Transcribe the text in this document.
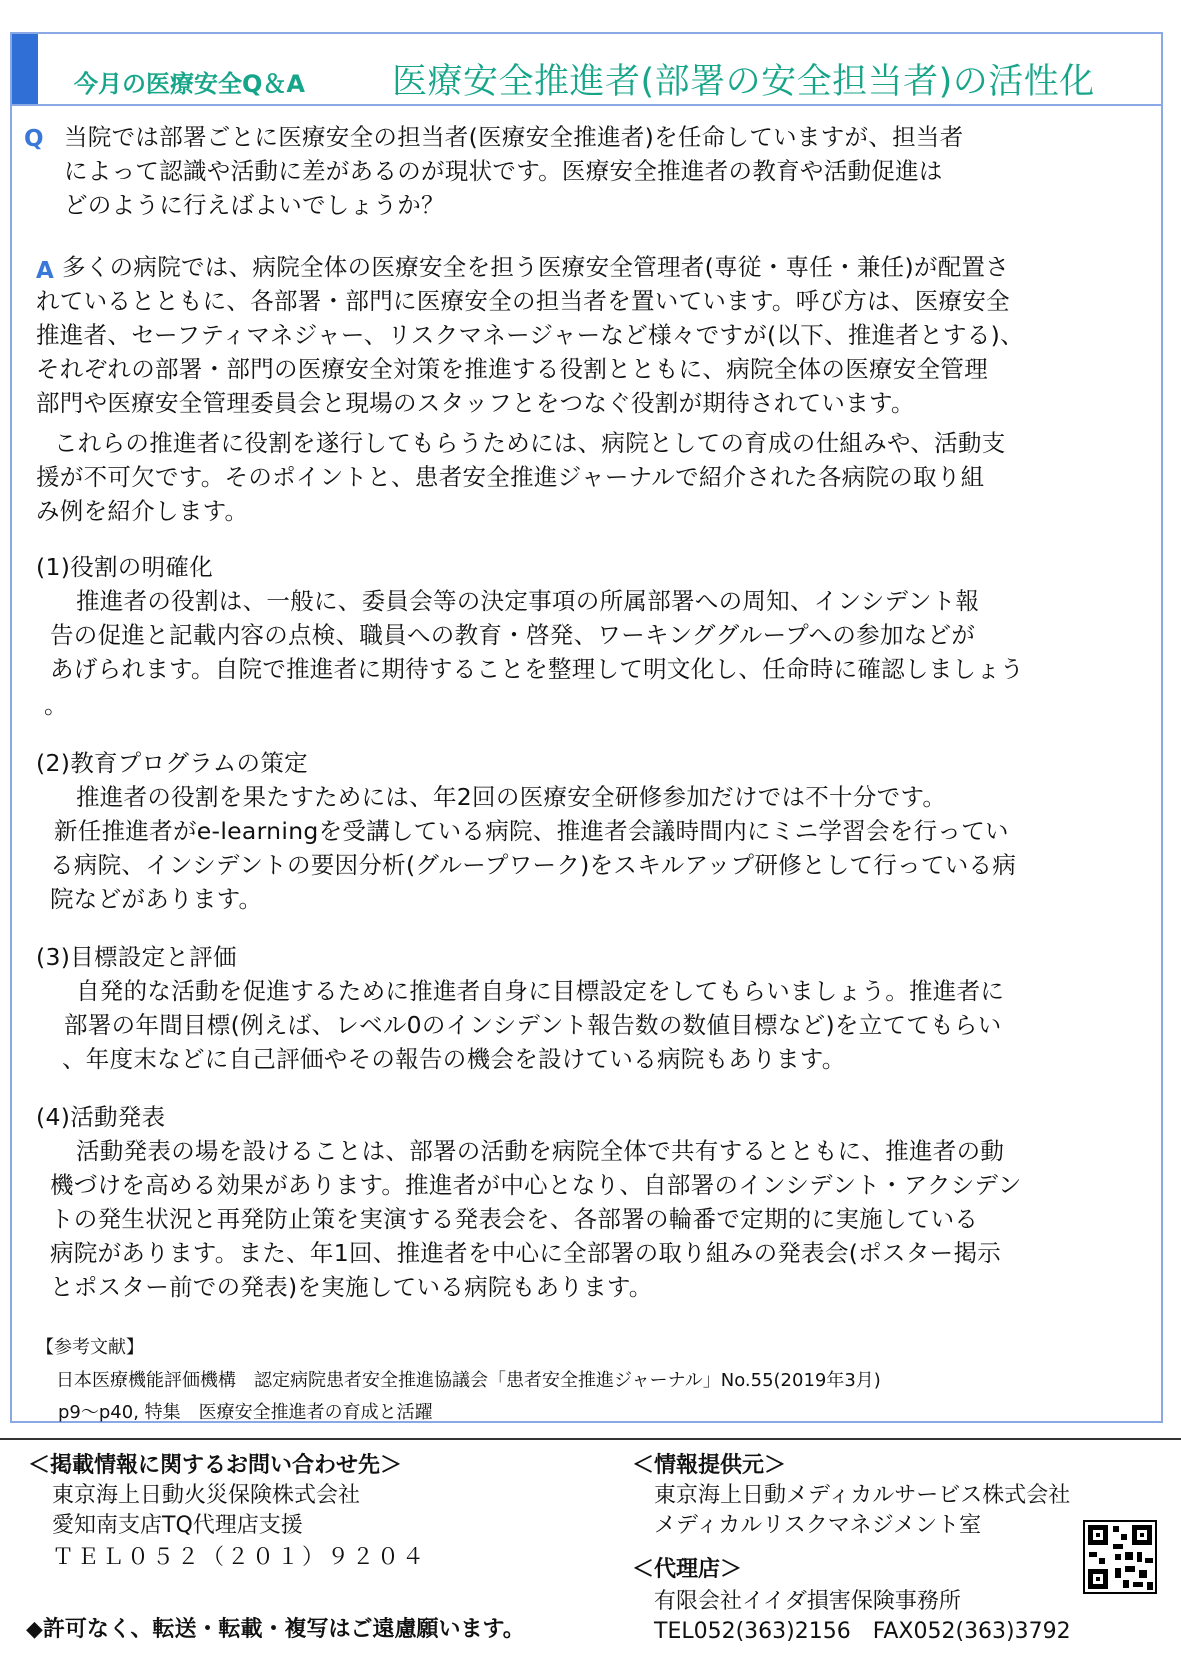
今月の医療安全Q＆A 医療安全推進者(部署の安全担当者)の活性化
Q 当院では部署ごとに医療安全の担当者(医療安全推進者)を任命していますが、担当者
によって認識や活動に差があるのが現状です。医療安全推進者の教育や活動促進は
どのように行えばよいでしょうか？
A 多くの病院では、病院全体の医療安全を担う医療安全管理者(専従・専任・兼任)が配置さ
れているとともに、各部署・部門に医療安全の担当者を置いています。呼び方は、医療安全
推進者、セーフティマネジャー、リスクマネージャーなど様々ですが(以下、推進者とする)、
それぞれの部署・部門の医療安全対策を推進する役割とともに、病院全体の医療安全管理
部門や医療安全管理委員会と現場のスタッフとをつなぐ役割が期待されています。
これらの推進者に役割を遂行してもらうためには、病院としての育成の仕組みや、活動支
援が不可欠です。そのポイントと、患者安全推進ジャーナルで紹介された各病院の取り組
み例を紹介します。
(1)役割の明確化
推進者の役割は、一般に、委員会等の決定事項の所属部署への周知、インシデント報
告の促進と記載内容の点検、職員への教育・啓発、ワーキンググループへの参加などが
あげられます。自院で推進者に期待することを整理して明文化し、任命時に確認しましょう
。
(2)教育プログラムの策定
推進者の役割を果たすためには、年2回の医療安全研修参加だけでは不十分です。
新任推進者がe-learningを受講している病院、推進者会議時間内にミニ学習会を行ってい
る病院、インシデントの要因分析(グループワーク)をスキルアップ研修として行っている病
院などがあります。
(3)目標設定と評価
自発的な活動を促進するために推進者自身に目標設定をしてもらいましょう。推進者に
部署の年間目標(例えば、レベル0のインシデント報告数の数値目標など)を立ててもらい
、年度末などに自己評価やその報告の機会を設けている病院もあります。
(4)活動発表
活動発表の場を設けることは、部署の活動を病院全体で共有するとともに、推進者の動
機づけを高める効果があります。推進者が中心となり、自部署のインシデント・アクシデン
トの発生状況と再発防止策を実演する発表会を、各部署の輪番で定期的に実施している
病院があります。また、年1回、推進者を中心に全部署の取り組みの発表会(ポスター掲示
とポスター前での発表)を実施している病院もあります。
【参考文献】
日本医療機能評価機構　認定病院患者安全推進協議会「患者安全推進ジャーナル」No.55(2019年3月)
p9～p40, 特集　医療安全推進者の育成と活躍
＜掲載情報に関するお問い合わせ先＞
東京海上日動火災保険株式会社
愛知南支店TQ代理店支援
ＴＥＬ０５２（２０１）９２０４
◆許可なく、転送・転載・複写はご遠慮願います。
＜情報提供元＞
東京海上日動メディカルサービス株式会社
メディカルリスクマネジメント室
＜代理店＞
有限会社イイダ損害保険事務所
TEL052(363)2156　FAX052(363)3792
